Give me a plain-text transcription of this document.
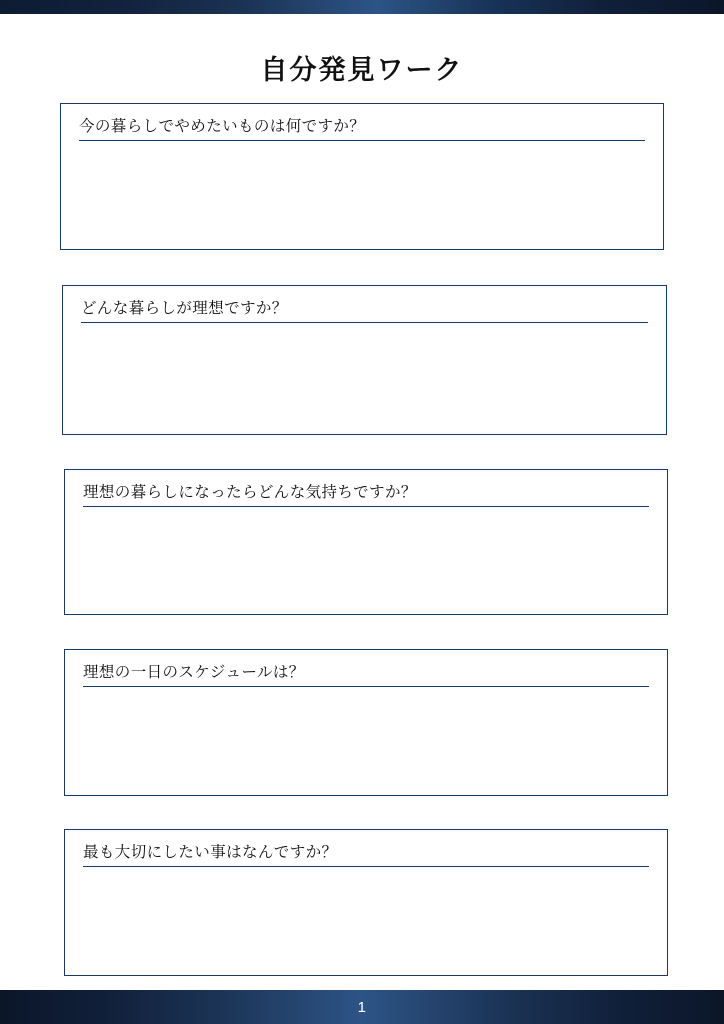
自分発見ワーク
今の暮らしでやめたいものは何ですか？
どんな暮らしが理想ですか？
理想の暮らしになったらどんな気持ちですか？
理想の一日のスケジュールは？
最も大切にしたい事はなんですか？
1
